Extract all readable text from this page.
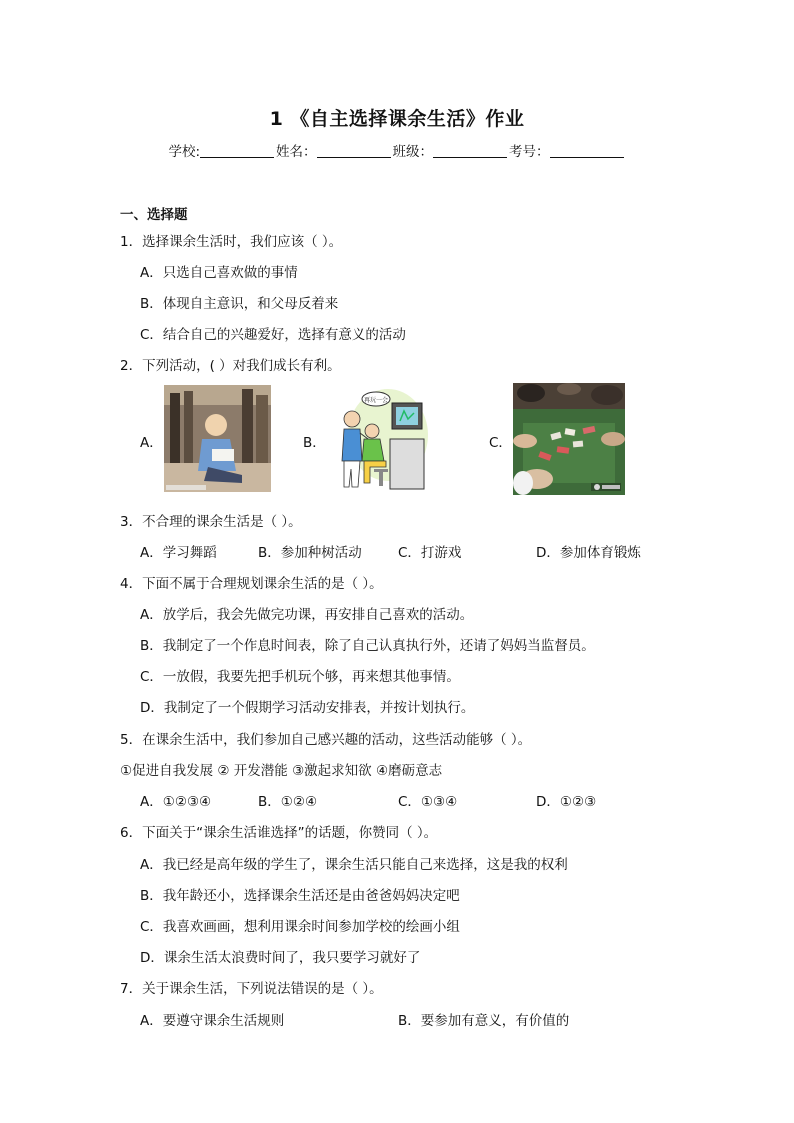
1 《自主选择课余生活》作业
学校:	姓名：	班级：	考号：
一、选择题
1．选择课余生活时，我们应该（ ）。
A．只选自己喜欢做的事情
B．体现自主意识，和父母反着来
C．结合自己的兴趣爱好，选择有意义的活动
2．下列活动，( ）对我们成长有利。
A．	B．
再玩一会
C．
3．不合理的课余生活是（ ）。
A．学习舞蹈	B．参加种树活动	C．打游戏	D．参加体育锻炼
4．下面不属于合理规划课余生活的是（ ）。
A．放学后，我会先做完功课，再安排自己喜欢的活动。
B．我制定了一个作息时间表，除了自己认真执行外，还请了妈妈当监督员。
C．一放假，我要先把手机玩个够，再来想其他事情。
D．我制定了一个假期学习活动安排表，并按计划执行。
5．在课余生活中，我们参加自己感兴趣的活动，这些活动能够（ ）。
①促进自我发展 ② 开发潜能 ③激起求知欲 ④磨砺意志
A．①②③④	B．①②④	C．①③④	D．①②③
6．下面关于“课余生活谁选择”的话题，你赞同（ ）。
A．我已经是高年级的学生了，课余生活只能自己来选择，这是我的权利
B．我年龄还小，选择课余生活还是由爸爸妈妈决定吧
C．我喜欢画画，想利用课余时间参加学校的绘画小组
D．课余生活太浪费时间了，我只要学习就好了
7．关于课余生活，下列说法错误的是（ ）。
A．要遵守课余生活规则	B．要参加有意义，有价值的
